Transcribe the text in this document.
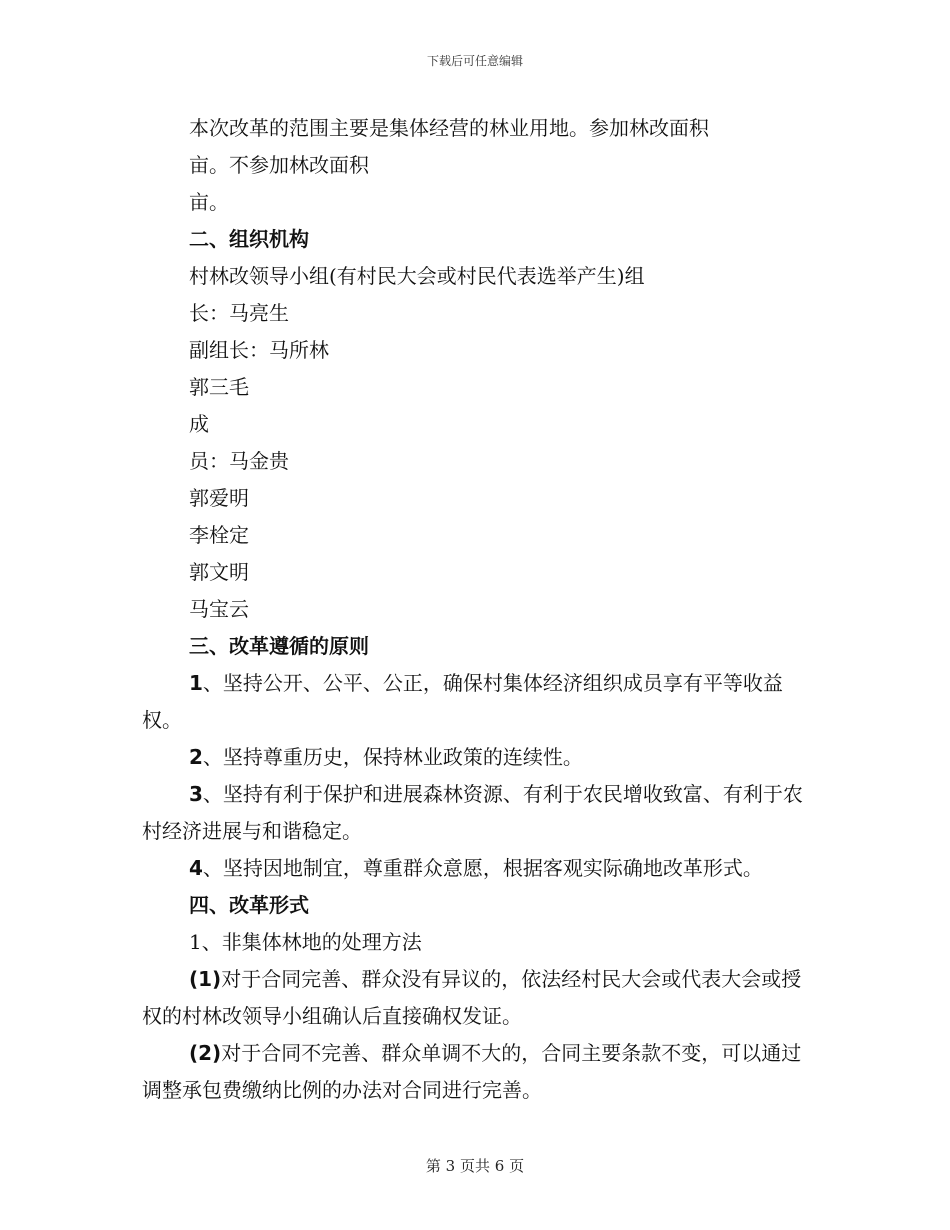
下载后可任意编辑

本次改革的范围主要是集体经营的林业用地。参加林改面积

亩。不参加林改面积

亩。

二、组织机构

村林改领导小组(有村民大会或村民代表选举产生)组

长：马亮生

副组长：马所林

郭三毛

成

员：马金贵

郭爱明

李栓定

郭文明

马宝云

三、改革遵循的原则

1、坚持公开、公平、公正，确保村集体经济组织成员享有平等收益权。

2、坚持尊重历史，保持林业政策的连续性。

3、坚持有利于保护和进展森林资源、有利于农民增收致富、有利于农村经济进展与和谐稳定。

4、坚持因地制宜，尊重群众意愿，根据客观实际确地改革形式。

四、改革形式

1、非集体林地的处理方法

(1)对于合同完善、群众没有异议的，依法经村民大会或代表大会或授权的村林改领导小组确认后直接确权发证。

(2)对于合同不完善、群众单调不大的，合同主要条款不变，可以通过调整承包费缴纳比例的办法对合同进行完善。

第 3 页共 6 页
